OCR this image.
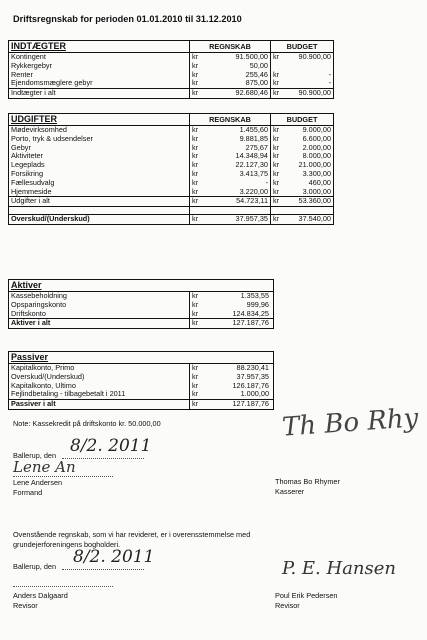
Driftsregnskab for perioden 01.01.2010 til 31.12.2010
INDTÆGTER	REGNSKAB	BUDGET
Kontingent	kr	91.500,00 kr	90.900,00
Rykkergebyr	kr	50,00
Renter	kr	255,46 kr	-
Ejendomsmæglere gebyr	kr	875,00 kr	-
Indtægter i alt	kr	92.680,46 kr	90.900,00
UDGIFTER	REGNSKAB	BUDGET
Mødevirksomhed	kr	1.455,60 kr	9.000,00
Porto, tryk & udsendelser	kr	9.881,85 kr	6.600,00
Gebyr	kr	275,67 kr	2.000,00
Aktiviteter	kr	14.348,94 kr	8.000,00
Legeplads	kr	22.127,30 kr	21.000,00
Forsikring	kr	3.413,75 kr	3.300,00
Fællesudvalg	kr	- kr	460,00
Hjemmeside	kr	3.220,00 kr	3.000,00
Udgifter i alt	kr	54.723,11 kr	53.360,00
Overskud/(Underskud)	kr	37.957,35 kr	37.540,00
Aktiver
Kassebeholdning	kr	1.353,55
Opsparingskonto	kr	999,96
Driftskonto	kr	124.834,25
Aktiver i alt	kr	127.187,76
Passiver
Kapitalkonto, Primo	kr	88.230,41
Overskud/(Underskud)	kr	37.957,35
Kapitalkonto, Ultimo	kr	126.187,76
Fejlindbetaling - tilbagebetalt i 2011	kr	1.000,00
Passiver i alt	kr	127.187,76
Note: Kassekredit på driftskonto kr. 50.000,00
Ballerup, den 8/2. 2011
Lene An
Lene Andersen
Formand
Th Bo Rhy
Thomas Bo Rhymer
Kasserer
Ovenstående regnskab, som vi har revideret, er i overensstemmelse med grundejerforeningens bogholderi.
Ballerup, den 8/2. 2011
Anders Dalgaard
Revisor
P. E. Hansen
Poul Erik Pedersen
Revisor
